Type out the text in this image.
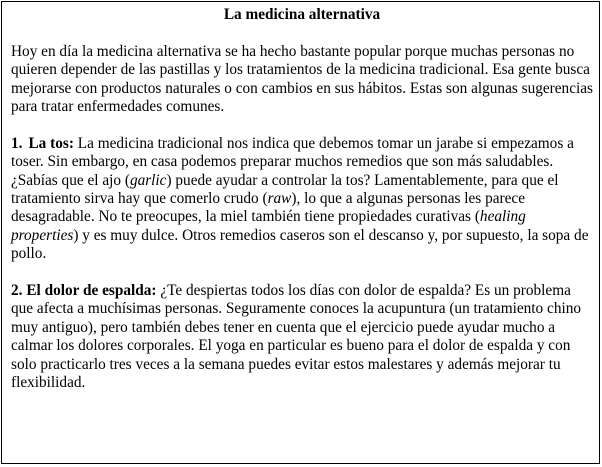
La medicina alternativa

Hoy en día la medicina alternativa se ha hecho bastante popular porque muchas personas no quieren depender de las pastillas y los tratamientos de la medicina tradicional. Esa gente busca mejorarse con productos naturales o con cambios en sus hábitos. Estas son algunas sugerencias para tratar enfermedades comunes.

1. La tos: La medicina tradicional nos indica que debemos tomar un jarabe si empezamos a toser. Sin embargo, en casa podemos preparar muchos remedios que son más saludables. ¿Sabías que el ajo (garlic) puede ayudar a controlar la tos? Lamentablemente, para que el tratamiento sirva hay que comerlo crudo (raw), lo que a algunas personas les parece desagradable. No te preocupes, la miel también tiene propiedades curativas (healing properties) y es muy dulce. Otros remedios caseros son el descanso y, por supuesto, la sopa de pollo.

2. El dolor de espalda: ¿Te despiertas todos los días con dolor de espalda? Es un problema que afecta a muchísimas personas. Seguramente conoces la acupuntura (un tratamiento chino muy antiguo), pero también debes tener en cuenta que el ejercicio puede ayudar mucho a calmar los dolores corporales. El yoga en particular es bueno para el dolor de espalda y con solo practicarlo tres veces a la semana puedes evitar estos malestares y además mejorar tu flexibilidad.
